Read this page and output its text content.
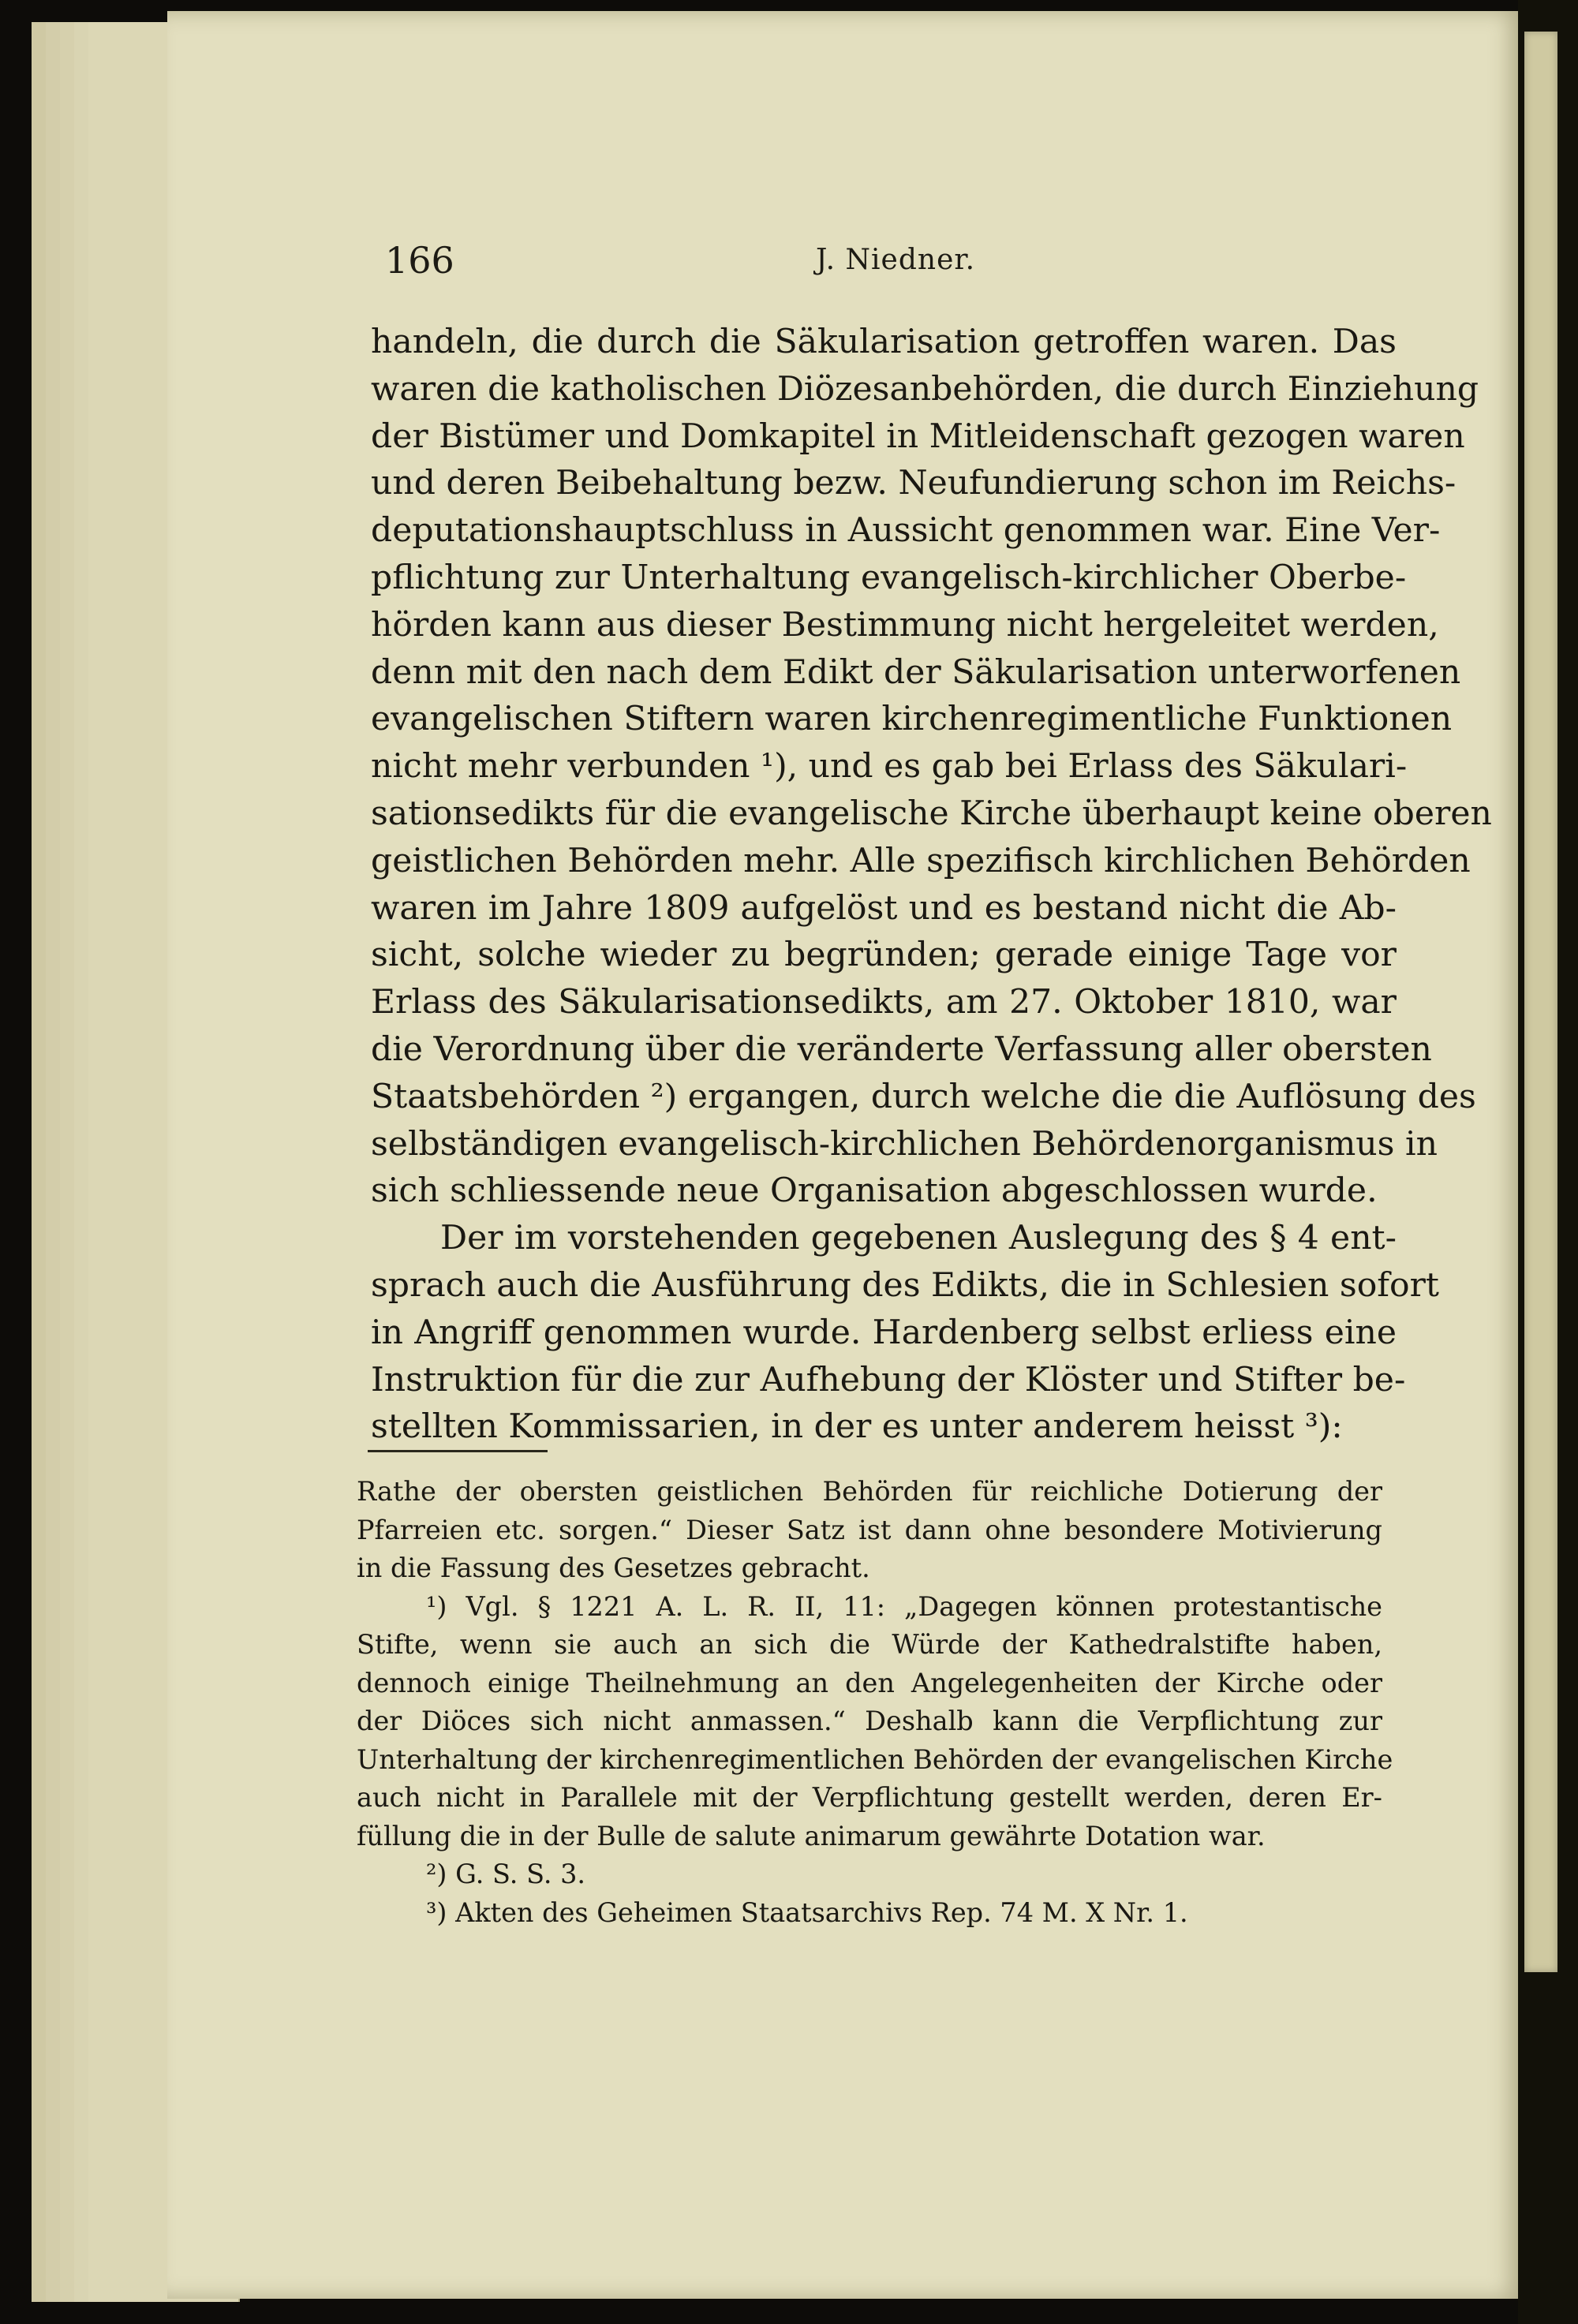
166	J. Niedner.
handeln, die durch die Säkularisation getroffen waren. Das
waren die katholischen Diözesanbehörden, die durch Einziehung
der Bistümer und Domkapitel in Mitleidenschaft gezogen waren
und deren Beibehaltung bezw. Neufundierung schon im Reichs-
deputationshauptschluss in Aussicht genommen war. Eine Ver-
pflichtung zur Unterhaltung evangelisch-kirchlicher Oberbe-
hörden kann aus dieser Bestimmung nicht hergeleitet werden,
denn mit den nach dem Edikt der Säkularisation unterworfenen
evangelischen Stiftern waren kirchenregimentliche Funktionen
nicht mehr verbunden ¹), und es gab bei Erlass des Säkulari-
sationsedikts für die evangelische Kirche überhaupt keine oberen
geistlichen Behörden mehr. Alle spezifisch kirchlichen Behörden
waren im Jahre 1809 aufgelöst und es bestand nicht die Ab-
sicht, solche wieder zu begründen; gerade einige Tage vor
Erlass des Säkularisationsedikts, am 27. Oktober 1810, war
die Verordnung über die veränderte Verfassung aller obersten
Staatsbehörden ²) ergangen, durch welche die die Auflösung des
selbständigen evangelisch-kirchlichen Behördenorganismus in
sich schliessende neue Organisation abgeschlossen wurde.
Der im vorstehenden gegebenen Auslegung des § 4 ent-
sprach auch die Ausführung des Edikts, die in Schlesien sofort
in Angriff genommen wurde. Hardenberg selbst erliess eine
Instruktion für die zur Aufhebung der Klöster und Stifter be-
stellten Kommissarien, in der es unter anderem heisst ³):
Rathe der obersten geistlichen Behörden für reichliche Dotierung der
Pfarreien etc. sorgen.“ Dieser Satz ist dann ohne besondere Motivierung
in die Fassung des Gesetzes gebracht.
¹) Vgl. § 1221 A. L. R. II, 11: „Dagegen können protestantische
Stifte, wenn sie auch an sich die Würde der Kathedralstifte haben,
dennoch einige Theilnehmung an den Angelegenheiten der Kirche oder
der Diöces sich nicht anmassen.“ Deshalb kann die Verpflichtung zur
Unterhaltung der kirchenregimentlichen Behörden der evangelischen Kirche
auch nicht in Parallele mit der Verpflichtung gestellt werden, deren Er-
füllung die in der Bulle de salute animarum gewährte Dotation war.
²) G. S. S. 3.
³) Akten des Geheimen Staatsarchivs Rep. 74 M. X Nr. 1.
